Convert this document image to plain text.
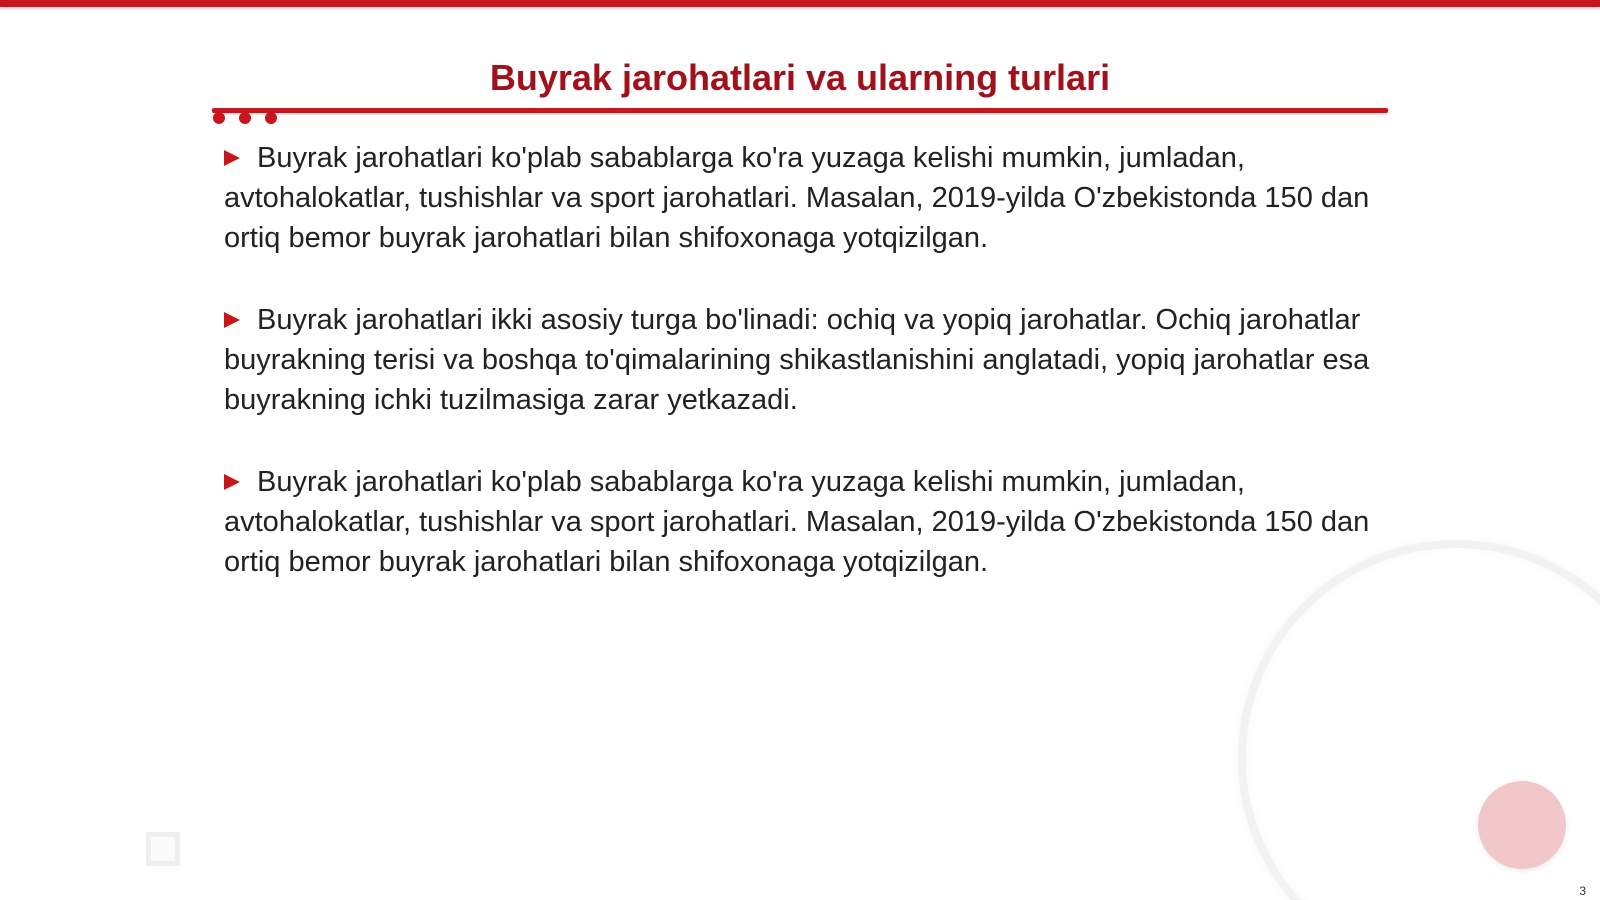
Buyrak jarohatlari va ularning turlari

Buyrak jarohatlari ko'plab sabablarga ko'ra yuzaga kelishi mumkin, jumladan, avtohalokatlar, tushishlar va sport jarohatlari. Masalan, 2019-yilda O'zbekistonda 150 dan ortiq bemor buyrak jarohatlari bilan shifoxonaga yotqizilgan.

Buyrak jarohatlari ikki asosiy turga bo'linadi: ochiq va yopiq jarohatlar. Ochiq jarohatlar buyrakning terisi va boshqa to'qimalarining shikastlanishini anglatadi, yopiq jarohatlar esa buyrakning ichki tuzilmasiga zarar yetkazadi.

Buyrak jarohatlari ko'plab sabablarga ko'ra yuzaga kelishi mumkin, jumladan, avtohalokatlar, tushishlar va sport jarohatlari. Masalan, 2019-yilda O'zbekistonda 150 dan ortiq bemor buyrak jarohatlari bilan shifoxonaga yotqizilgan.

3
